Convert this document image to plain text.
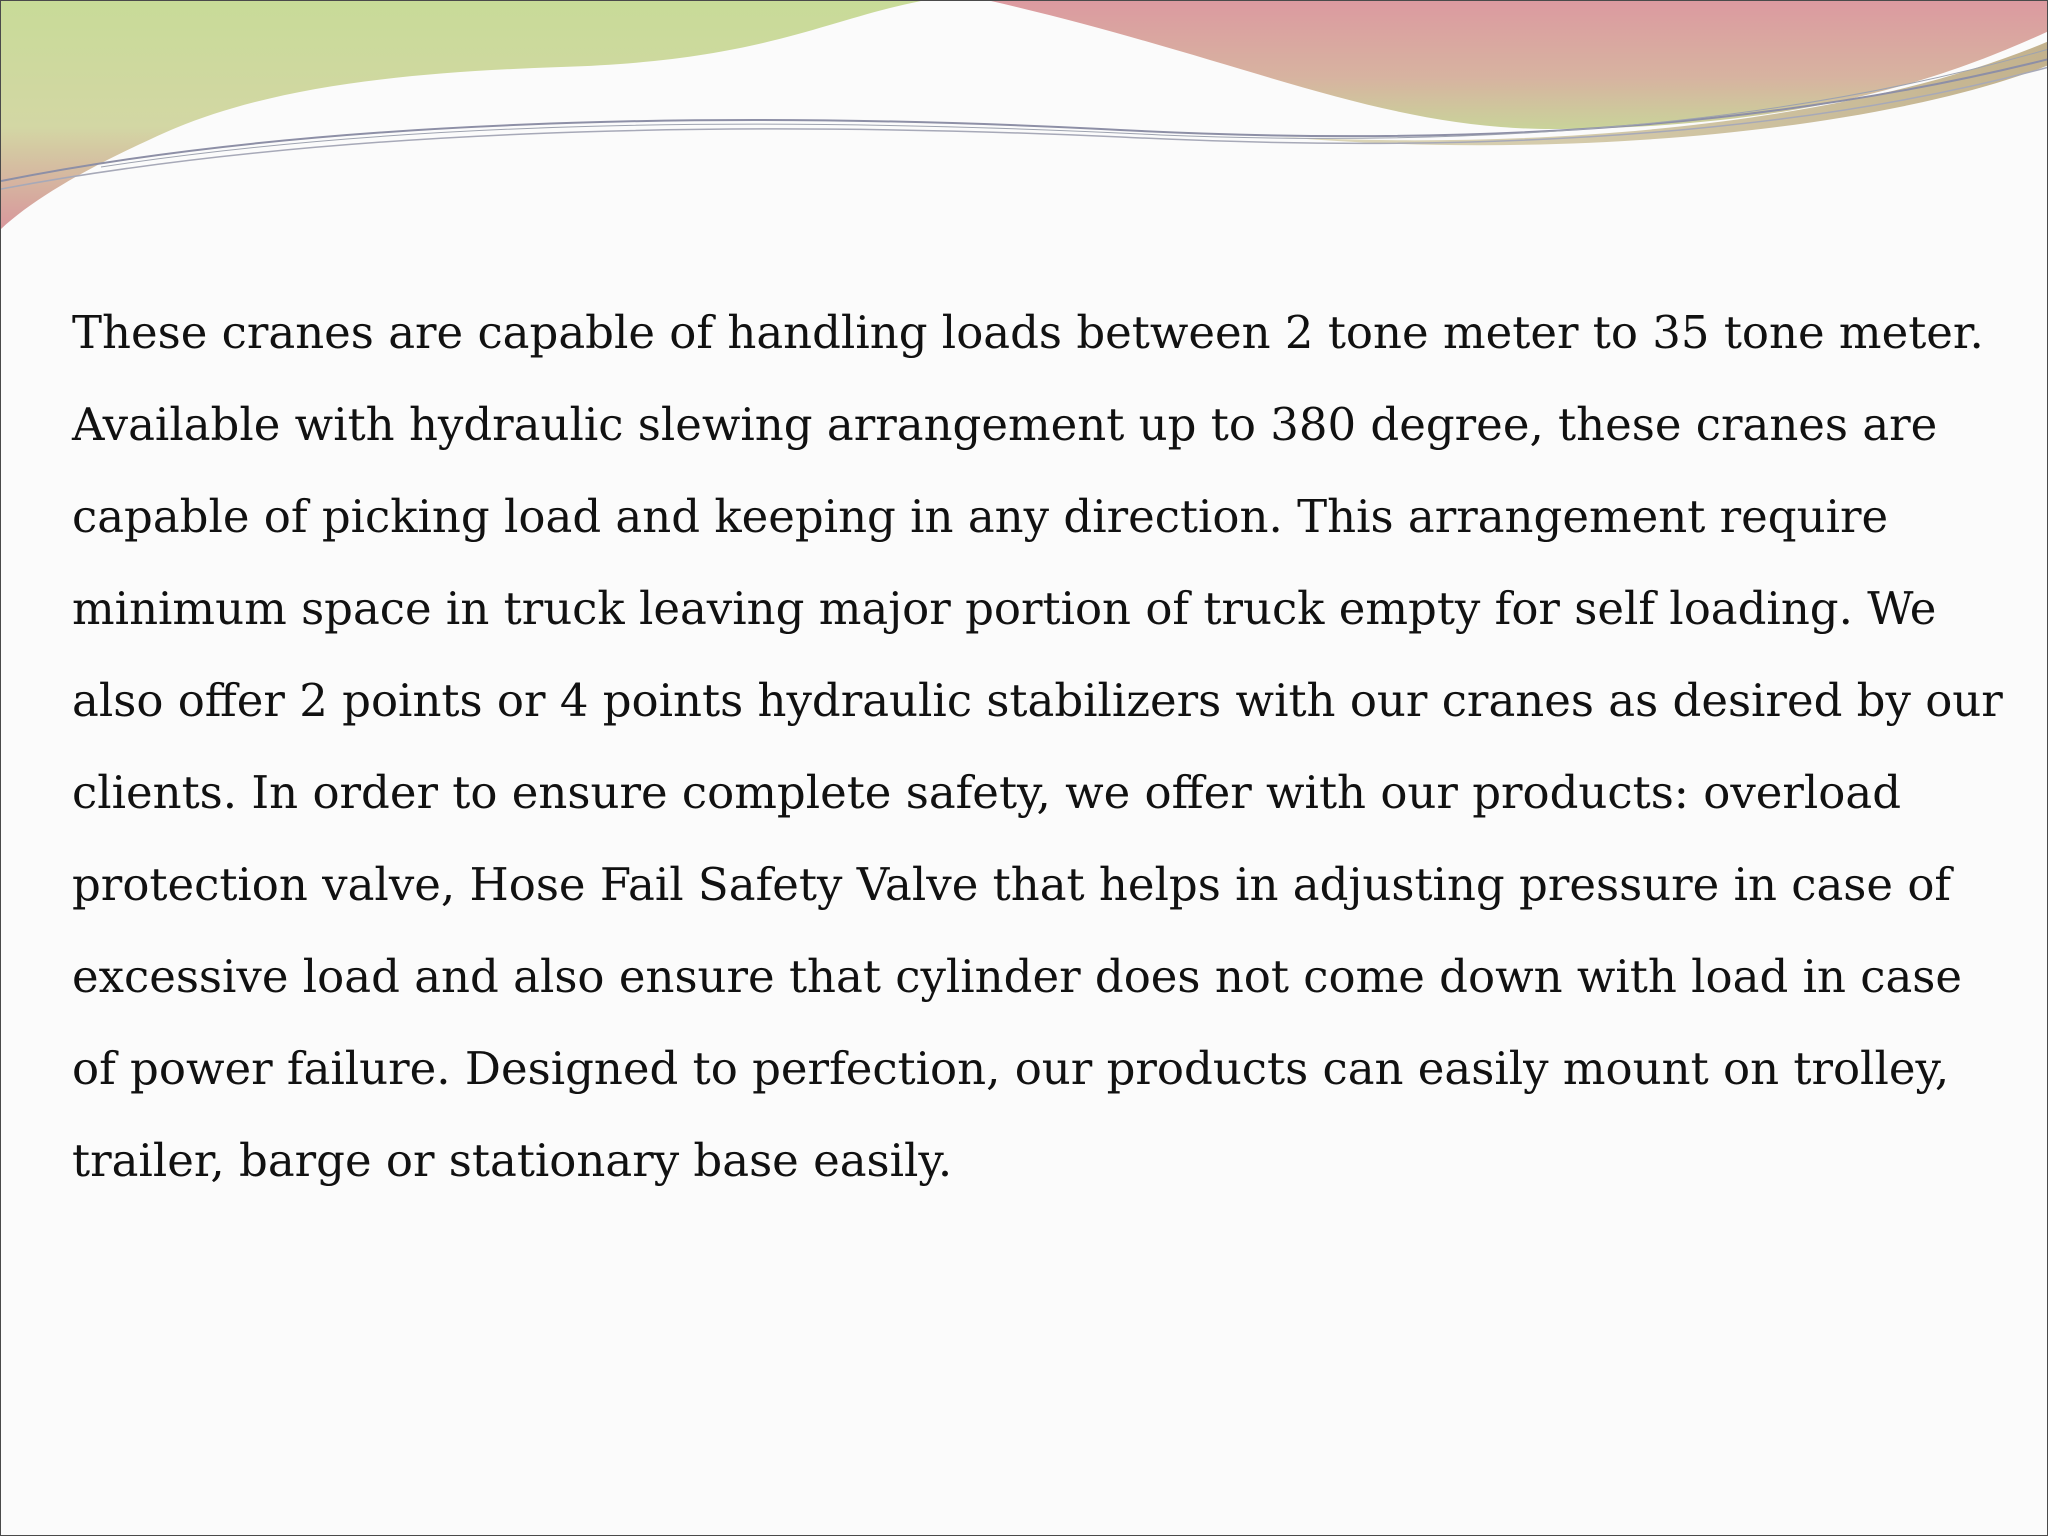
These cranes are capable of handling loads between 2 tone meter to 35 tone meter.
Available with hydraulic slewing arrangement up to 380 degree, these cranes are
capable of picking load and keeping in any direction. This arrangement require
minimum space in truck leaving major portion of truck empty for self loading. We
also offer 2 points or 4 points hydraulic stabilizers with our cranes as desired by our
clients. In order to ensure complete safety, we offer with our products: overload
protection valve, Hose Fail Safety Valve that helps in adjusting pressure in case of
excessive load and also ensure that cylinder does not come down with load in case
of power failure. Designed to perfection, our products can easily mount on trolley,
trailer, barge or stationary base easily.
